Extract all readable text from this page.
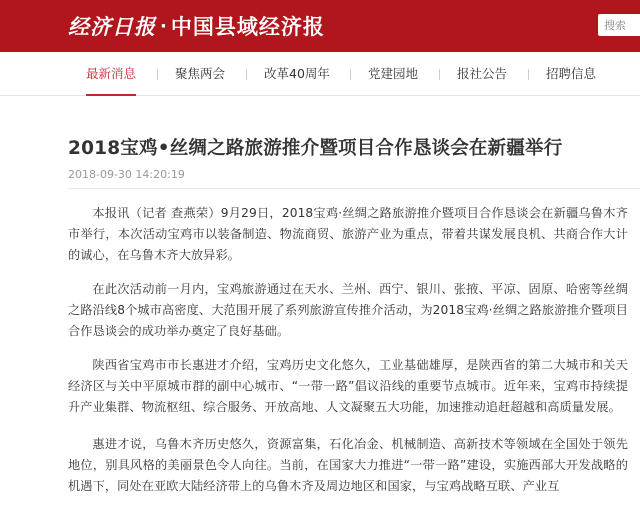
经济日报 · 中国县域经济报	搜索
最新消息	聚焦两会	改革40周年	党建园地	报社公告	招聘信息
2018宝鸡•丝绸之路旅游推介暨项目合作恳谈会在新疆举行
2018-09-30 14:20:19

本报讯（记者 查燕荣）9月29日，2018宝鸡·丝绸之路旅游推介暨项目合作恳谈会在新疆乌鲁木齐市举行，本次活动宝鸡市以装备制造、物流商贸、旅游产业为重点，带着共谋发展良机、共商合作大计的诚心，在乌鲁木齐大放异彩。

在此次活动前一月内，宝鸡旅游通过在天水、兰州、西宁、银川、张掖、平凉、固原、哈密等丝绸之路沿线8个城市高密度、大范围开展了系列旅游宣传推介活动，为2018宝鸡·丝绸之路旅游推介暨项目合作恳谈会的成功举办奠定了良好基础。

陕西省宝鸡市市长惠进才介绍，宝鸡历史文化悠久，工业基础雄厚，是陕西省的第二大城市和关天经济区与关中平原城市群的副中心城市、“一带一路”倡议沿线的重要节点城市。近年来，宝鸡市持续提升产业集群、物流枢纽、综合服务、开放高地、人文凝聚五大功能，加速推动追赶超越和高质量发展。

惠进才说，乌鲁木齐历史悠久，资源富集，石化冶金、机械制造、高新技术等领域在全国处于领先地位，别具风格的美丽景色令人向往。当前，在国家大力推进“一带一路”建设，实施西部大开发战略的机遇下，同处在亚欧大陆经济带上的乌鲁木齐及周边地区和国家，与宝鸡战略互联、产业互
